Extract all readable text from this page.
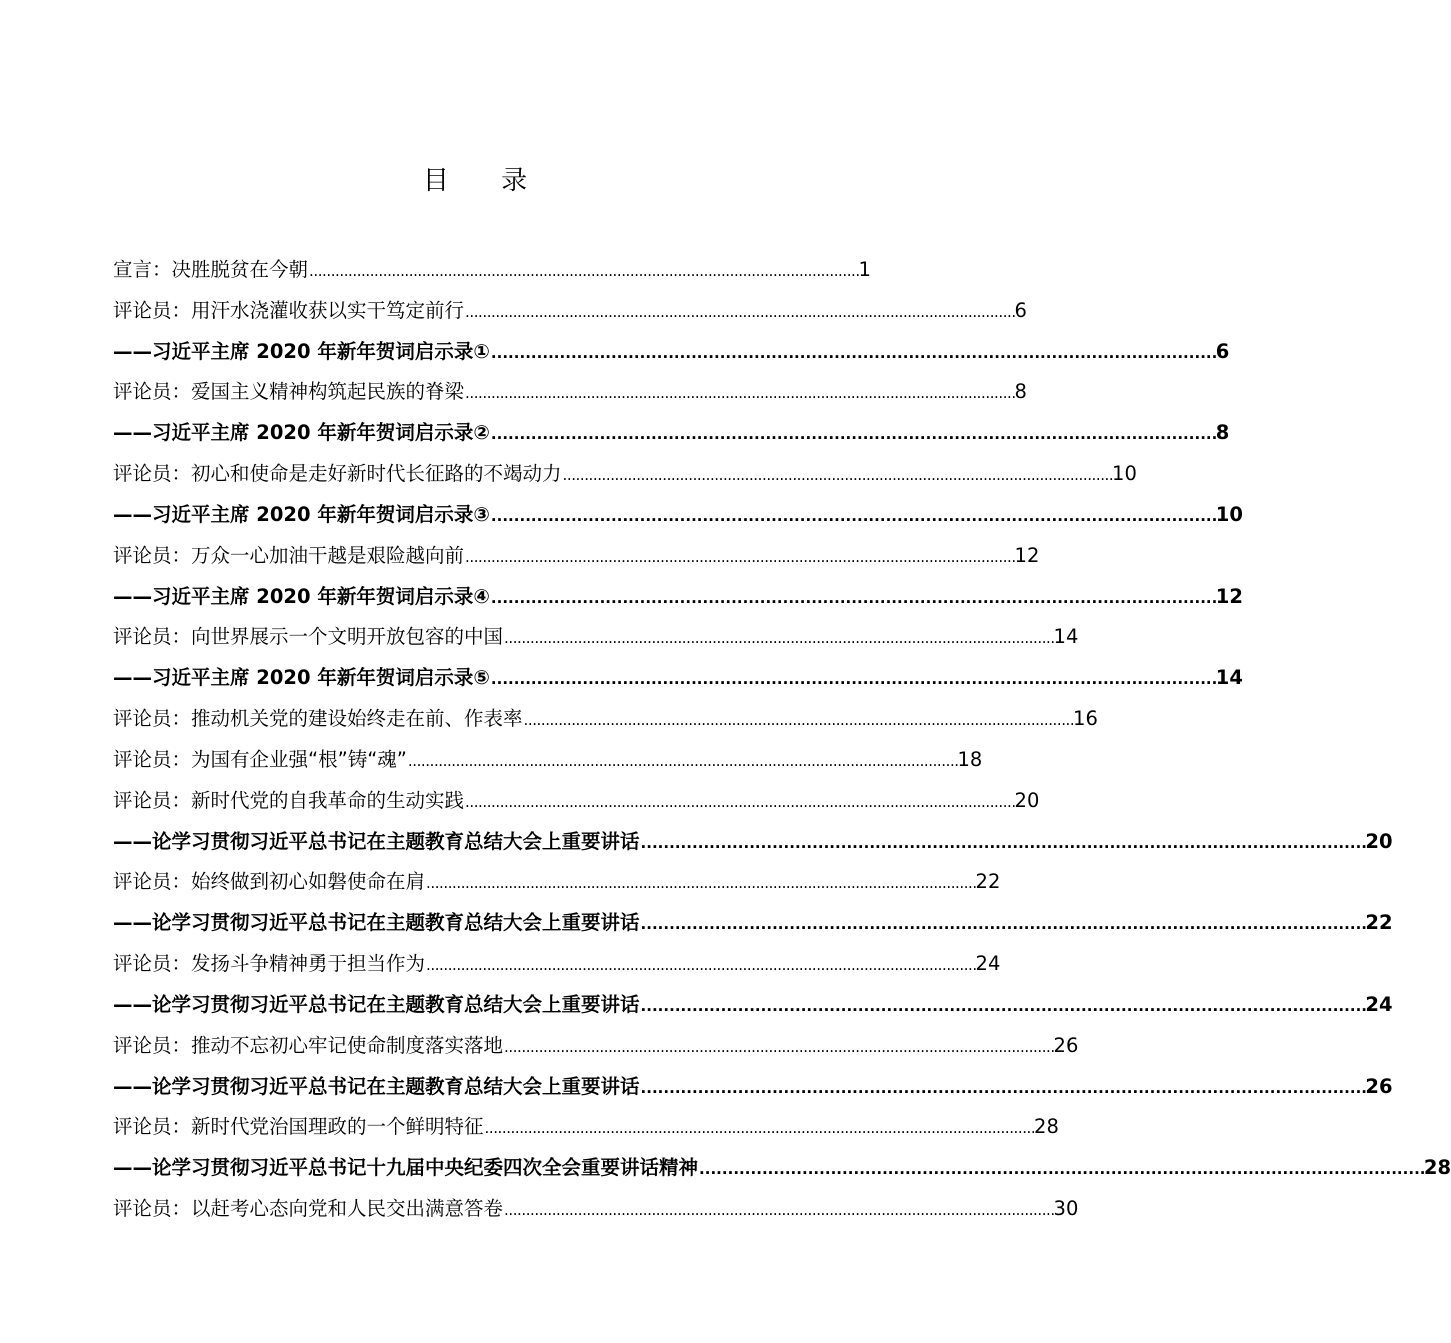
目 录
宣言：决胜脱贫在今朝 . . .	1
评论员：用汗水浇灌收获以实干笃定前行 . . .	6
——习近平主席 2020 年新年贺词启示录① . . .	6
评论员：爱国主义精神构筑起民族的脊梁 . . .	8
——习近平主席 2020 年新年贺词启示录② . . .	8
评论员：初心和使命是走好新时代长征路的不竭动力 . . .	10
——习近平主席 2020 年新年贺词启示录③ . . .	10
评论员：万众一心加油干越是艰险越向前 . . .	12
——习近平主席 2020 年新年贺词启示录④ . . .	12
评论员：向世界展示一个文明开放包容的中国 . . .	14
——习近平主席 2020 年新年贺词启示录⑤ . . .	14
评论员：推动机关党的建设始终走在前、作表率 . . .	16
评论员：为国有企业强“根”铸“魂” . . .	18
评论员：新时代党的自我革命的生动实践 . . .	20
——论学习贯彻习近平总书记在主题教育总结大会上重要讲话 . . .	20
评论员：始终做到初心如磐使命在肩 . . .	22
——论学习贯彻习近平总书记在主题教育总结大会上重要讲话 . . .	22
评论员：发扬斗争精神勇于担当作为 . . .	24
——论学习贯彻习近平总书记在主题教育总结大会上重要讲话 . . .	24
评论员：推动不忘初心牢记使命制度落实落地 . . .	26
——论学习贯彻习近平总书记在主题教育总结大会上重要讲话 . . .	26
评论员：新时代党治国理政的一个鲜明特征 . . .	28
——论学习贯彻习近平总书记十九届中央纪委四次全会重要讲话精神 . . .	28
评论员：以赶考心态向党和人民交出满意答卷 . . .	30
